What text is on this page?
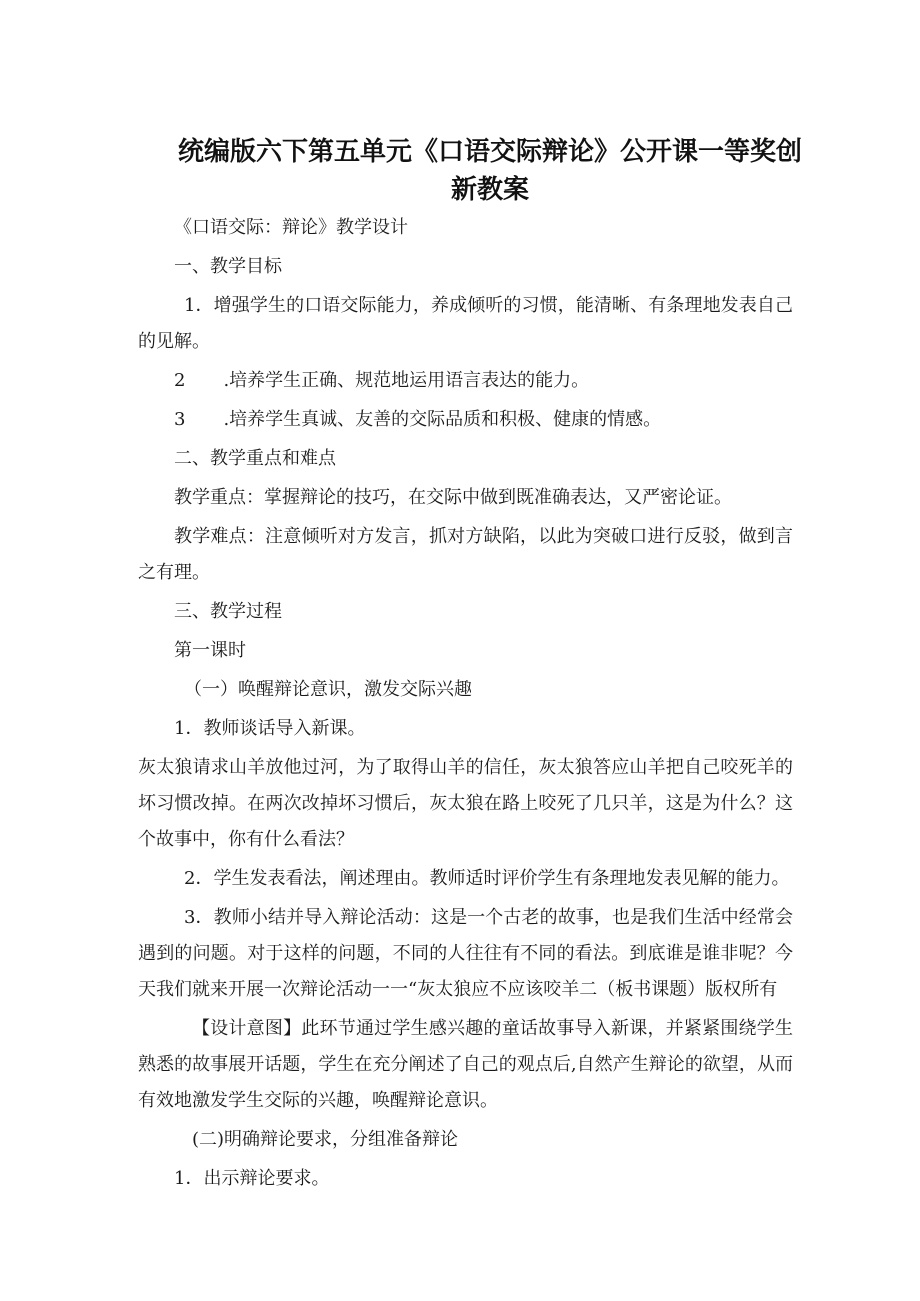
统编版六下第五单元《口语交际辩论》公开课一等奖创
新教案

《口语交际：辩论》教学设计

一、教学目标

1．增强学生的口语交际能力，养成倾听的习惯，能清晰、有条理地发表自己的见解。

2 .培养学生正确、规范地运用语言表达的能力。

3 .培养学生真诚、友善的交际品质和积极、健康的情感。

二、教学重点和难点

教学重点：掌握辩论的技巧，在交际中做到既准确表达，又严密论证。

教学难点：注意倾听对方发言，抓对方缺陷，以此为突破口进行反驳，做到言之有理。

三、教学过程

第一课时

（一）唤醒辩论意识，激发交际兴趣

1．教师谈话导入新课。

灰太狼请求山羊放他过河，为了取得山羊的信任，灰太狼答应山羊把自己咬死羊的坏习惯改掉。在两次改掉坏习惯后，灰太狼在路上咬死了几只羊，这是为什么？这个故事中，你有什么看法？

2．学生发表看法，阐述理由。教师适时评价学生有条理地发表见解的能力。

3．教师小结并导入辩论活动：这是一个古老的故事，也是我们生活中经常会遇到的问题。对于这样的问题，不同的人往往有不同的看法。到底谁是谁非呢？今天我们就来开展一次辩论活动一一“灰太狼应不应该咬羊二（板书课题）版权所有

【设计意图】此环节通过学生感兴趣的童话故事导入新课，并紧紧围绕学生熟悉的故事展开话题，学生在充分阐述了自己的观点后,自然产生辩论的欲望，从而有效地激发学生交际的兴趣，唤醒辩论意识。

(二)明确辩论要求，分组准备辩论

1．出示辩论要求。
